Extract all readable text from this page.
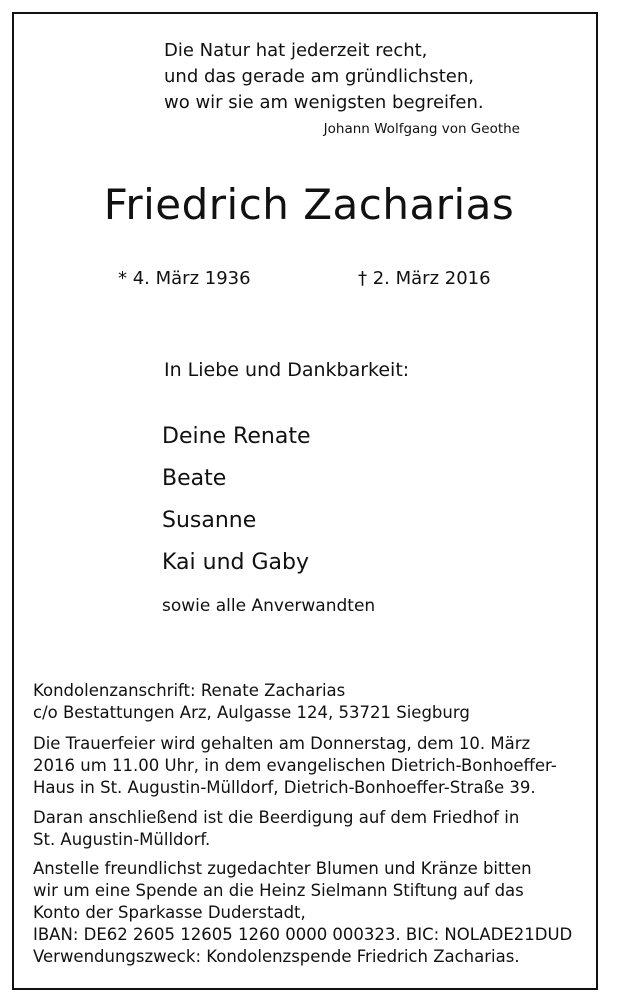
Die Natur hat jederzeit recht,
und das gerade am gründlichsten,
wo wir sie am wenigsten begreifen.
Johann Wolfgang von Geothe
Friedrich Zacharias
* 4. März 1936	† 2. März 2016
In Liebe und Dankbarkeit:
Deine Renate
Beate
Susanne
Kai und Gaby
sowie alle Anverwandten
Kondolenzanschrift: Renate Zacharias
c/o Bestattungen Arz, Aulgasse 124, 53721 Siegburg
Die Trauerfeier wird gehalten am Donnerstag, dem 10. März
2016 um 11.00 Uhr, in dem evangelischen Dietrich-Bonhoeffer-
Haus in St. Augustin-Mülldorf, Dietrich-Bonhoeffer-Straße 39.
Daran anschließend ist die Beerdigung auf dem Friedhof in
St. Augustin-Mülldorf.
Anstelle freundlichst zugedachter Blumen und Kränze bitten
wir um eine Spende an die Heinz Sielmann Stiftung auf das
Konto der Sparkasse Duderstadt,
IBAN: DE62 2605 12605 1260 0000 000323. BIC: NOLADE21DUD
Verwendungszweck: Kondolenzspende Friedrich Zacharias.
